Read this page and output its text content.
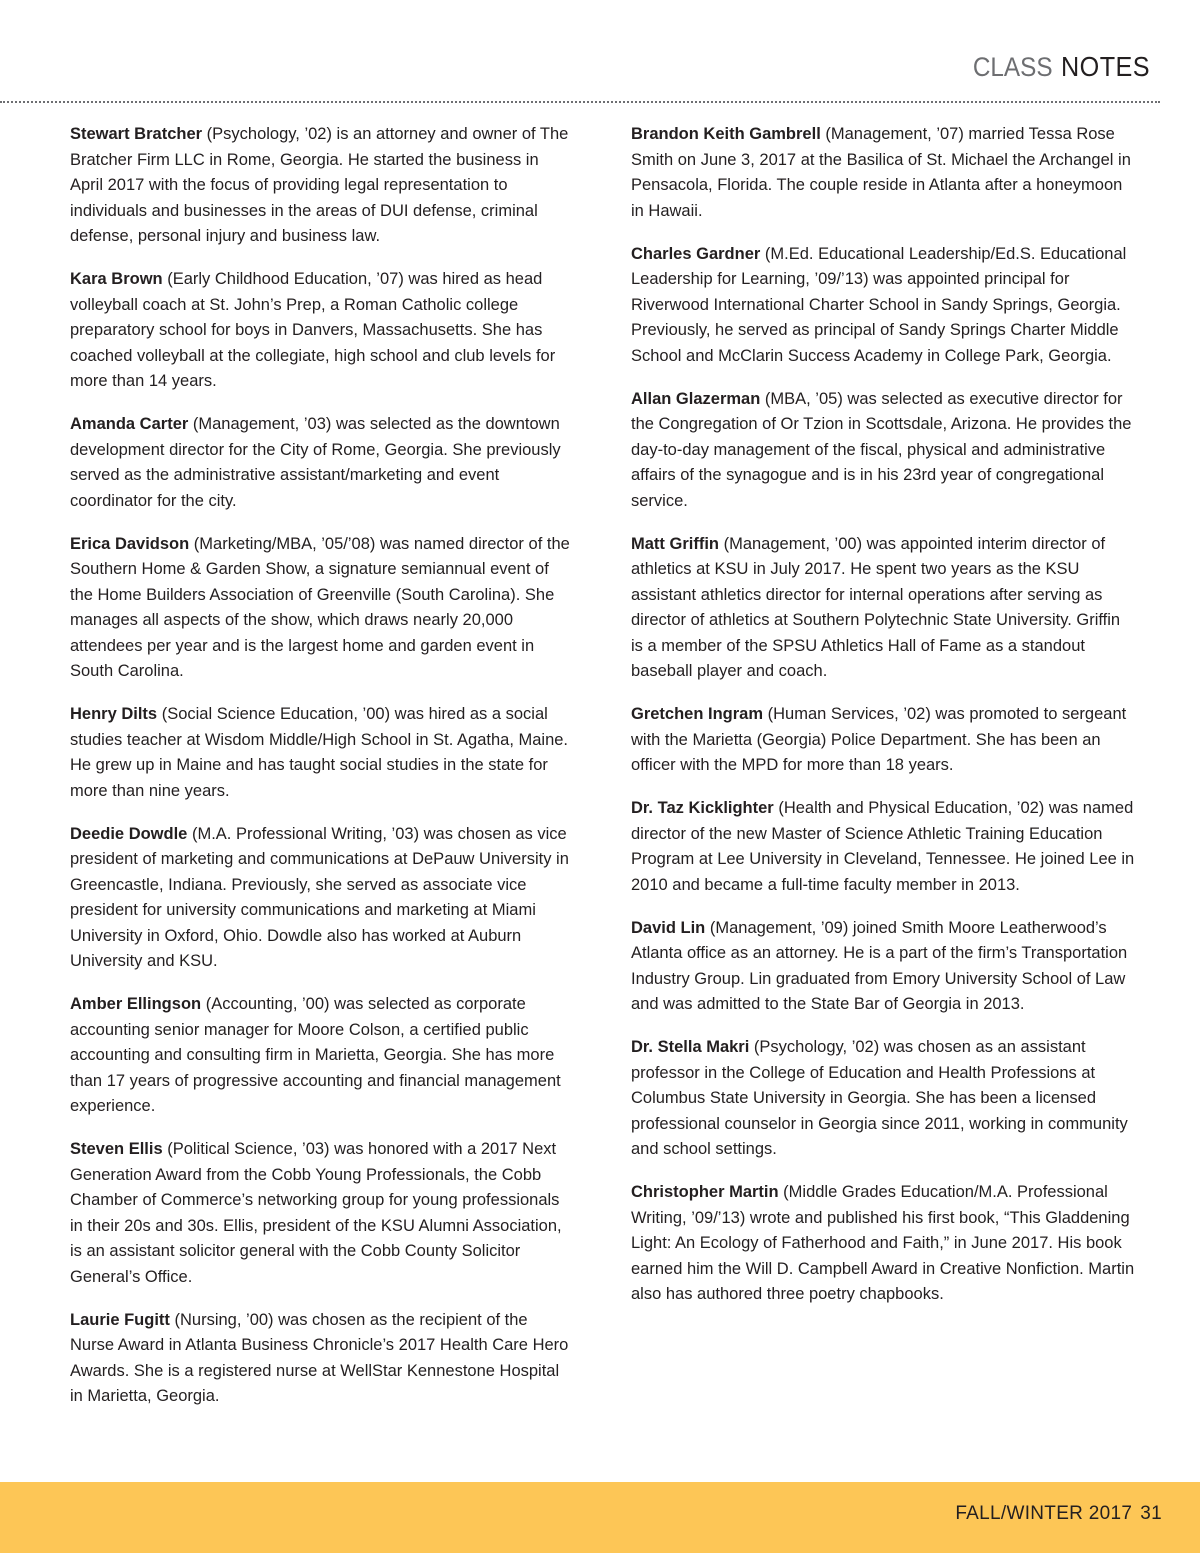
CLASS NOTES

Stewart Bratcher (Psychology, ’02) is an attorney and owner of The Bratcher Firm LLC in Rome, Georgia. He started the business in April 2017 with the focus of providing legal representation to individuals and businesses in the areas of DUI defense, criminal defense, personal injury and business law.

Kara Brown (Early Childhood Education, ’07) was hired as head volleyball coach at St. John’s Prep, a Roman Catholic college preparatory school for boys in Danvers, Massachusetts. She has coached volleyball at the collegiate, high school and club levels for more than 14 years.

Amanda Carter (Management, ’03) was selected as the downtown development director for the City of Rome, Georgia. She previously served as the administrative assistant/marketing and event coordinator for the city.

Erica Davidson (Marketing/MBA, ’05/’08) was named director of the Southern Home & Garden Show, a signature semiannual event of the Home Builders Association of Greenville (South Carolina). She manages all aspects of the show, which draws nearly 20,000 attendees per year and is the largest home and garden event in South Carolina.

Henry Dilts (Social Science Education, ’00) was hired as a social studies teacher at Wisdom Middle/High School in St. Agatha, Maine. He grew up in Maine and has taught social studies in the state for more than nine years.

Deedie Dowdle (M.A. Professional Writing, ’03) was chosen as vice president of marketing and communications at DePauw University in Greencastle, Indiana. Previously, she served as associate vice president for university communications and marketing at Miami University in Oxford, Ohio. Dowdle also has worked at Auburn University and KSU.

Amber Ellingson (Accounting, ’00) was selected as corporate accounting senior manager for Moore Colson, a certified public accounting and consulting firm in Marietta, Georgia. She has more than 17 years of progressive accounting and financial management experience.

Steven Ellis (Political Science, ’03) was honored with a 2017 Next Generation Award from the Cobb Young Professionals, the Cobb Chamber of Commerce’s networking group for young professionals in their 20s and 30s. Ellis, president of the KSU Alumni Association, is an assistant solicitor general with the Cobb County Solicitor General’s Office.

Laurie Fugitt (Nursing, ’00) was chosen as the recipient of the Nurse Award in Atlanta Business Chronicle’s 2017 Health Care Hero Awards. She is a registered nurse at WellStar Kennestone Hospital in Marietta, Georgia.

Brandon Keith Gambrell (Management, ’07) married Tessa Rose Smith on June 3, 2017 at the Basilica of St. Michael the Archangel in Pensacola, Florida. The couple reside in Atlanta after a honeymoon in Hawaii.

Charles Gardner (M.Ed. Educational Leadership/Ed.S. Educational Leadership for Learning, ’09/’13) was appointed principal for Riverwood International Charter School in Sandy Springs, Georgia. Previously, he served as principal of Sandy Springs Charter Middle School and McClarin Success Academy in College Park, Georgia.

Allan Glazerman (MBA, ’05) was selected as executive director for the Congregation of Or Tzion in Scottsdale, Arizona. He provides the day-to-day management of the fiscal, physical and administrative affairs of the synagogue and is in his 23rd year of congregational service.

Matt Griffin (Management, ’00) was appointed interim director of athletics at KSU in July 2017. He spent two years as the KSU assistant athletics director for internal operations after serving as director of athletics at Southern Polytechnic State University. Griffin is a member of the SPSU Athletics Hall of Fame as a standout baseball player and coach.

Gretchen Ingram (Human Services, ’02) was promoted to sergeant with the Marietta (Georgia) Police Department. She has been an officer with the MPD for more than 18 years.

Dr. Taz Kicklighter (Health and Physical Education, ’02) was named director of the new Master of Science Athletic Training Education Program at Lee University in Cleveland, Tennessee. He joined Lee in 2010 and became a full-time faculty member in 2013.

David Lin (Management, ’09) joined Smith Moore Leatherwood’s Atlanta office as an attorney. He is a part of the firm’s Transportation Industry Group. Lin graduated from Emory University School of Law and was admitted to the State Bar of Georgia in 2013.

Dr. Stella Makri (Psychology, ’02) was chosen as an assistant professor in the College of Education and Health Professions at Columbus State University in Georgia. She has been a licensed professional counselor in Georgia since 2011, working in community and school settings.

Christopher Martin (Middle Grades Education/M.A. Professional Writing, ’09/’13) wrote and published his first book, “This Gladdening Light: An Ecology of Fatherhood and Faith,” in June 2017. His book earned him the Will D. Campbell Award in Creative Nonfiction. Martin also has authored three poetry chapbooks.

FALL/WINTER 2017 31
